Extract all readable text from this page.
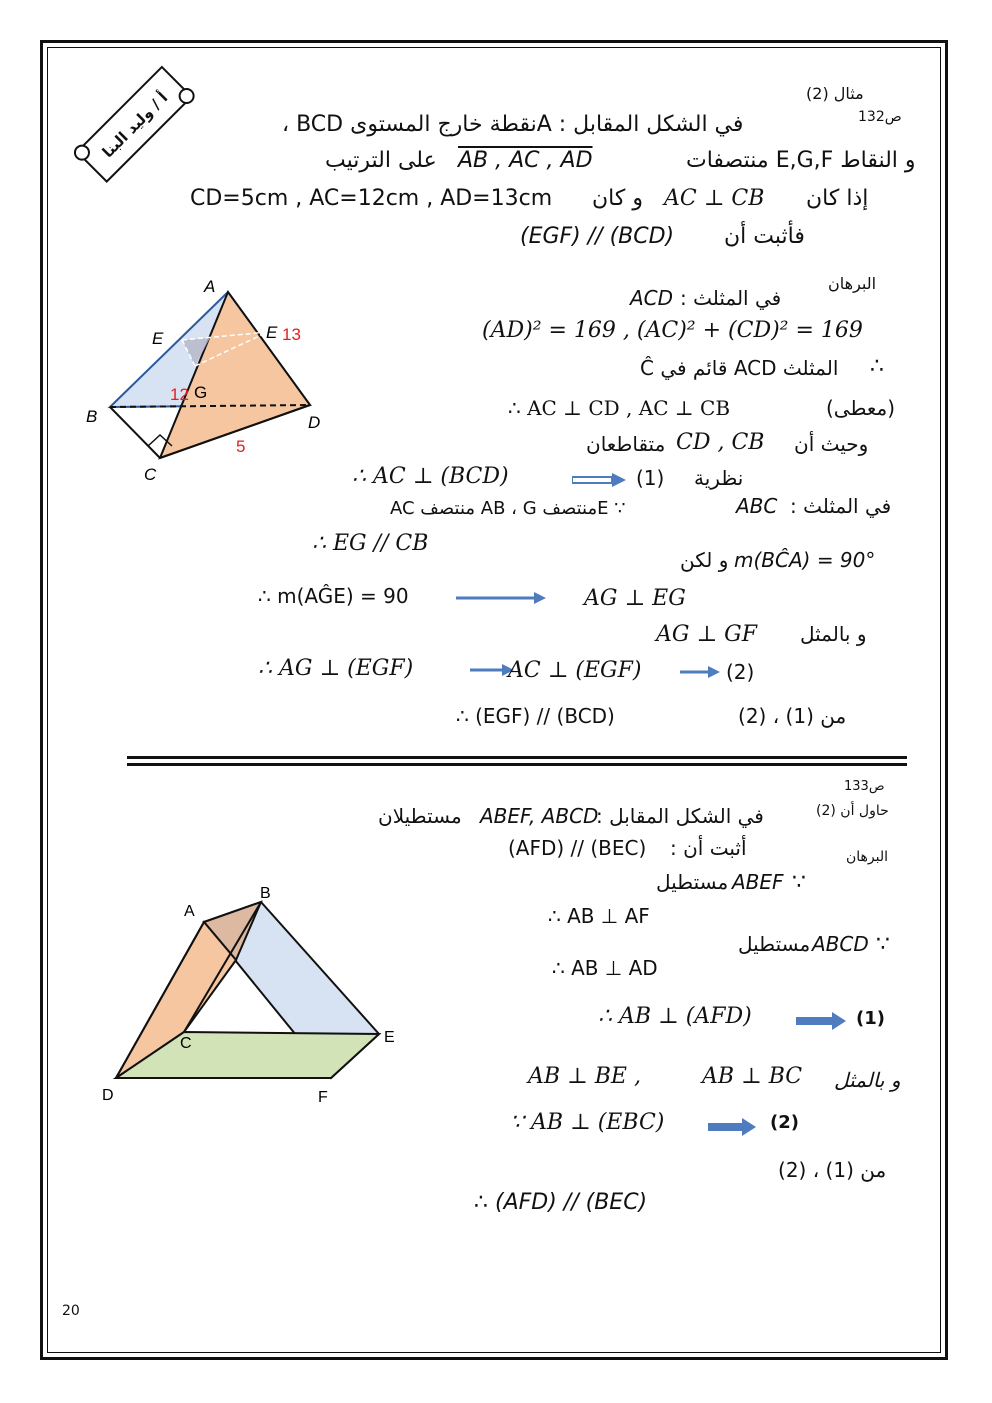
أ / وليد البنا	مثال (2)
ص132
في الشكل المقابل : Aنقطة خارج المستوى BCD ،
و النقاط E,G,F منتصفات
AB , AC , AD
على الترتيب
إذا كان
AC ⊥ CB
و كان
CD=5cm , AC=12cm , AD=13cm
فأثبت أن
(EGF) // (BCD)
A
E	E 13
12 G
B	D
5
C
البرهان
في المثلث :
ACD
(AD)² = 169 , (AC)² + (CD)² = 169
∴
المثلث ACD قائم في Ĉ
∴ AC ⊥ CD , AC ⊥ CB	(معطى)
وحيث أن
CD , CB
متقاطعان
∴ AC ⊥ (BCD)	(1) نظرية
في المثلث :
ABC
∵ Eمنتصف AB ، G منتصف AC
∴ EG // CB
و لكن m(BĈA) = 90°
∴ m(AĜE) = 90	AG ⊥ EG
و بالمثل
AG ⊥ GF
∴ AG ⊥ (EGF)	AC ⊥ (EGF)	(2)
من (1) ، (2)
∴ (EGF) // (BCD)
ص133
حاول أن (2)
في الشكل المقابل :
ABEF, ABCD
مستطيلان
أثبت أن :
(AFD) // (BEC)	البرهان
A
B
C
D
E
F
∵
ABEF
مستطيل
∴ AB ⊥ AF
∵
ABCD
مستطيل
∴ AB ⊥ AD
∴ AB ⊥ (AFD)	(1)
و بالمثل
AB ⊥ BC
AB ⊥ BE ,
∵ AB ⊥ (EBC)	(2)
من (1) ، (2)
∴ (AFD) // (BEC)
20
